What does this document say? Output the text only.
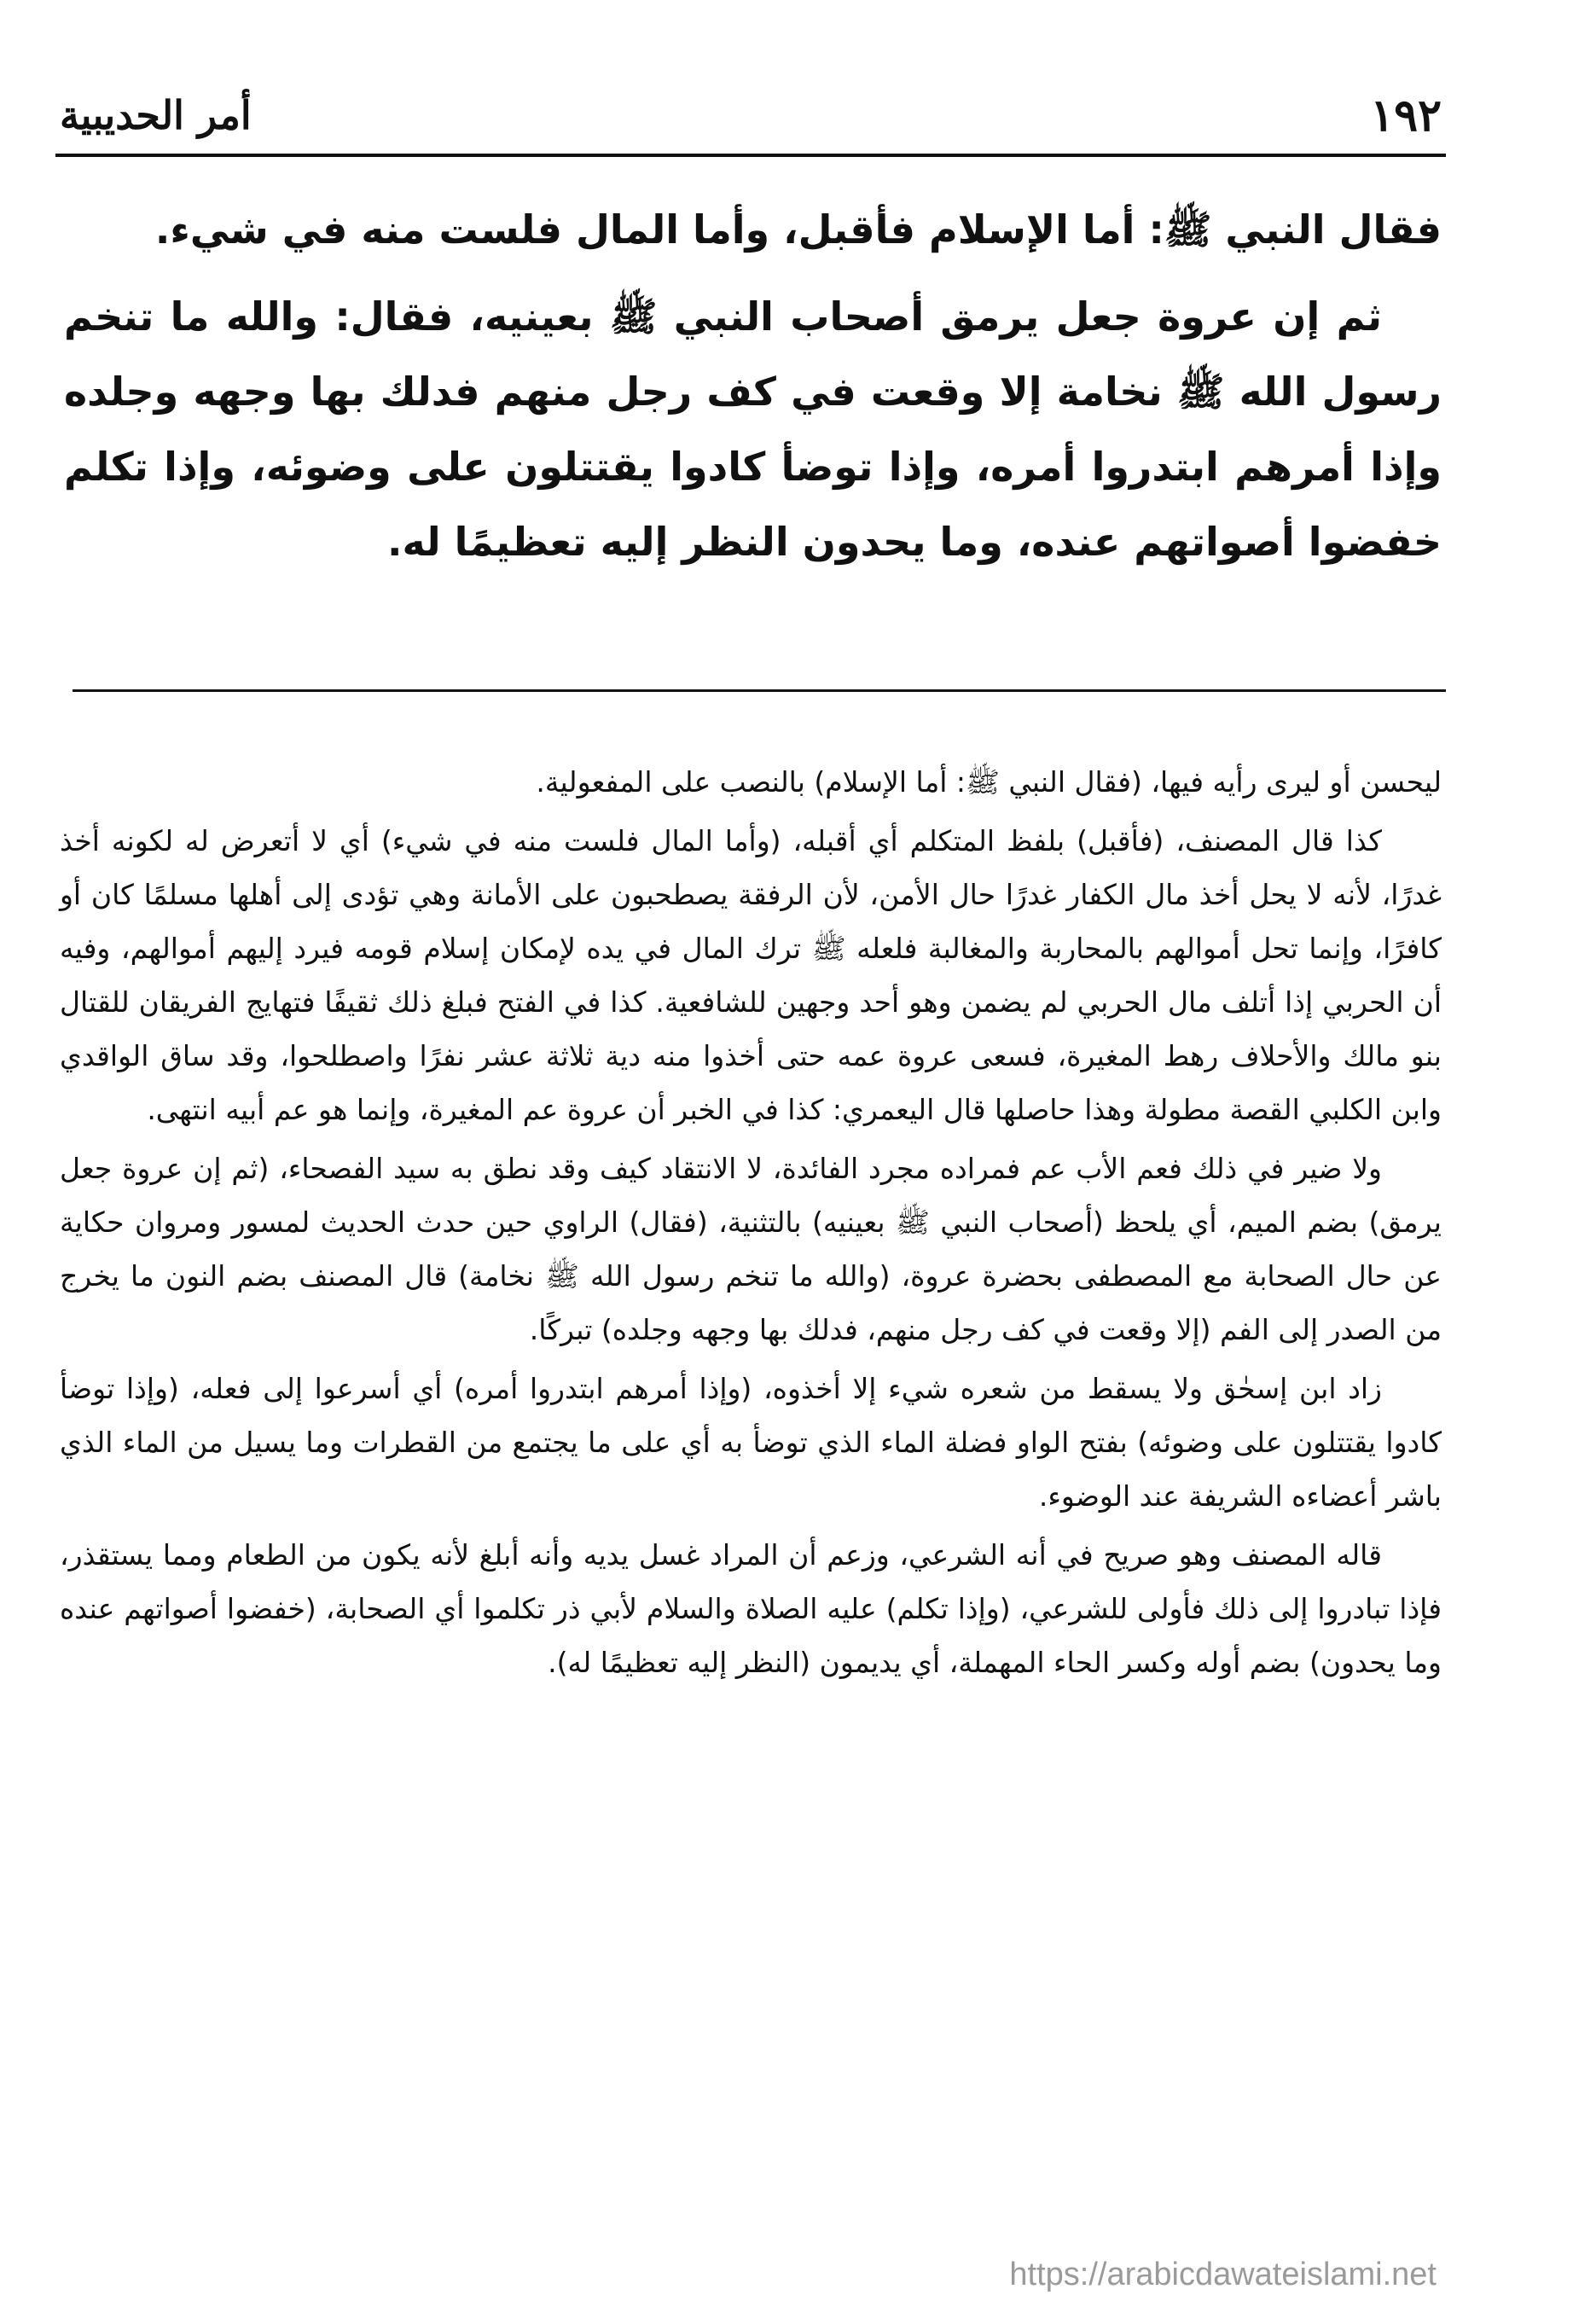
١٩٢
أمر الحديبية

فقال النبي ﷺ: أما الإسلام فأقبل، وأما المال فلست منه في شيء.

ثم إن عروة جعل يرمق أصحاب النبي ﷺ بعينيه، فقال: والله ما تنخم رسول الله ﷺ نخامة إلا وقعت في كف رجل منهم فدلك بها وجهه وجلده وإذا أمرهم ابتدروا أمره، وإذا توضأ كادوا يقتتلون على وضوئه، وإذا تكلم خفضوا أصواتهم عنده، وما يحدون النظر إليه تعظيمًا له.

ليحسن أو ليرى رأيه فيها، (فقال النبي ﷺ: أما الإسلام) بالنصب على المفعولية.

كذا قال المصنف، (فأقبل) بلفظ المتكلم أي أقبله، (وأما المال فلست منه في شيء) أي لا أتعرض له لكونه أخذ غدرًا، لأنه لا يحل أخذ مال الكفار غدرًا حال الأمن، لأن الرفقة يصطحبون على الأمانة وهي تؤدى إلى أهلها مسلمًا كان أو كافرًا، وإنما تحل أموالهم بالمحاربة والمغالبة فلعله ﷺ ترك المال في يده لإمكان إسلام قومه فيرد إليهم أموالهم، وفيه أن الحربي إذا أتلف مال الحربي لم يضمن وهو أحد وجهين للشافعية. كذا في الفتح فبلغ ذلك ثقيفًا فتهايج الفريقان للقتال بنو مالك والأحلاف رهط المغيرة، فسعى عروة عمه حتى أخذوا منه دية ثلاثة عشر نفرًا واصطلحوا، وقد ساق الواقدي وابن الكلبي القصة مطولة وهذا حاصلها قال اليعمري: كذا في الخبر أن عروة عم المغيرة، وإنما هو عم أبيه انتهى.

ولا ضير في ذلك فعم الأب عم فمراده مجرد الفائدة، لا الانتقاد كيف وقد نطق به سيد الفصحاء، (ثم إن عروة جعل يرمق) بضم الميم، أي يلحظ (أصحاب النبي ﷺ بعينيه) بالتثنية، (فقال) الراوي حين حدث الحديث لمسور ومروان حكاية عن حال الصحابة مع المصطفى بحضرة عروة، (والله ما تنخم رسول الله ﷺ نخامة) قال المصنف بضم النون ما يخرج من الصدر إلى الفم (إلا وقعت في كف رجل منهم، فدلك بها وجهه وجلده) تبركًا.

زاد ابن إسحٰق ولا يسقط من شعره شيء إلا أخذوه، (وإذا أمرهم ابتدروا أمره) أي أسرعوا إلى فعله، (وإذا توضأ كادوا يقتتلون على وضوئه) بفتح الواو فضلة الماء الذي توضأ به أي على ما يجتمع من القطرات وما يسيل من الماء الذي باشر أعضاءه الشريفة عند الوضوء.

قاله المصنف وهو صريح في أنه الشرعي، وزعم أن المراد غسل يديه وأنه أبلغ لأنه يكون من الطعام ومما يستقذر، فإذا تبادروا إلى ذلك فأولى للشرعي، (وإذا تكلم) عليه الصلاة والسلام لأبي ذر تكلموا أي الصحابة، (خفضوا أصواتهم عنده وما يحدون) بضم أوله وكسر الحاء المهملة، أي يديمون (النظر إليه تعظيمًا له).

https://arabicdawateislami.net
